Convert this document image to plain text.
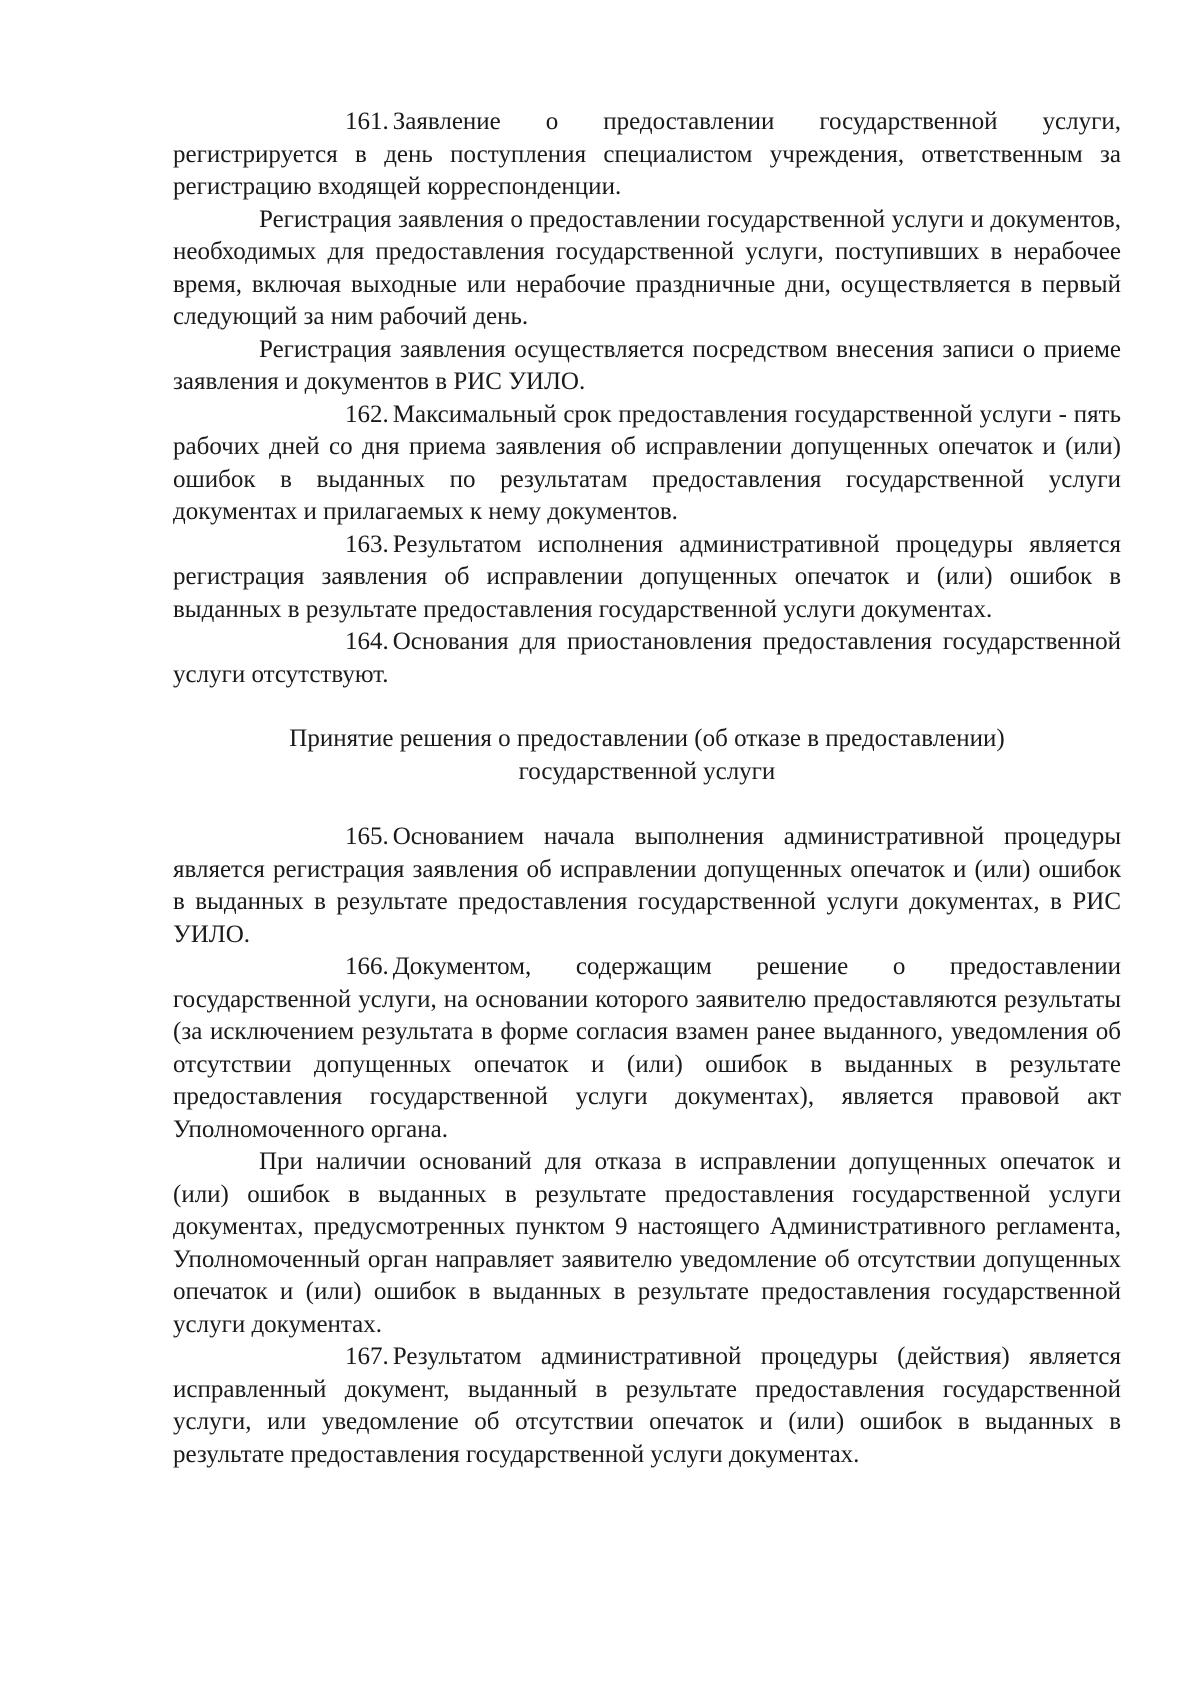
161. Заявление о предоставлении государственной услуги, регистрируется в день поступления специалистом учреждения, ответственным за регистрацию входящей корреспонденции.

Регистрация заявления о предоставлении государственной услуги и документов, необходимых для предоставления государственной услуги, поступивших в нерабочее время, включая выходные или нерабочие праздничные дни, осуществляется в первый следующий за ним рабочий день.

Регистрация заявления осуществляется посредством внесения записи о приеме заявления и документов в РИС УИЛО.

162. Максимальный срок предоставления государственной услуги - пять рабочих дней со дня приема заявления об исправлении допущенных опечаток и (или) ошибок в выданных по результатам предоставления государственной услуги документах и прилагаемых к нему документов.

163. Результатом исполнения административной процедуры является регистрация заявления об исправлении допущенных опечаток и (или) ошибок в выданных в результате предоставления государственной услуги документах.

164. Основания для приостановления предоставления государственной услуги отсутствуют.

Принятие решения о предоставлении (об отказе в предоставлении)
государственной услуги

165. Основанием начала выполнения административной процедуры является регистрация заявления об исправлении допущенных опечаток и (или) ошибок в выданных в результате предоставления государственной услуги документах, в РИС УИЛО.

166. Документом, содержащим решение о предоставлении государственной услуги, на основании которого заявителю предоставляются результаты (за исключением результата в форме согласия взамен ранее выданного, уведомления об отсутствии допущенных опечаток и (или) ошибок в выданных в результате предоставления государственной услуги документах), является правовой акт Уполномоченного органа.

При наличии оснований для отказа в исправлении допущенных опечаток и (или) ошибок в выданных в результате предоставления государственной услуги документах, предусмотренных пунктом 9 настоящего Административного регламента, Уполномоченный орган направляет заявителю уведомление об отсутствии допущенных опечаток и (или) ошибок в выданных в результате предоставления государственной услуги документах.

167. Результатом административной процедуры (действия) является исправленный документ, выданный в результате предоставления государственной услуги, или уведомление об отсутствии опечаток и (или) ошибок в выданных в результате предоставления государственной услуги документах.
